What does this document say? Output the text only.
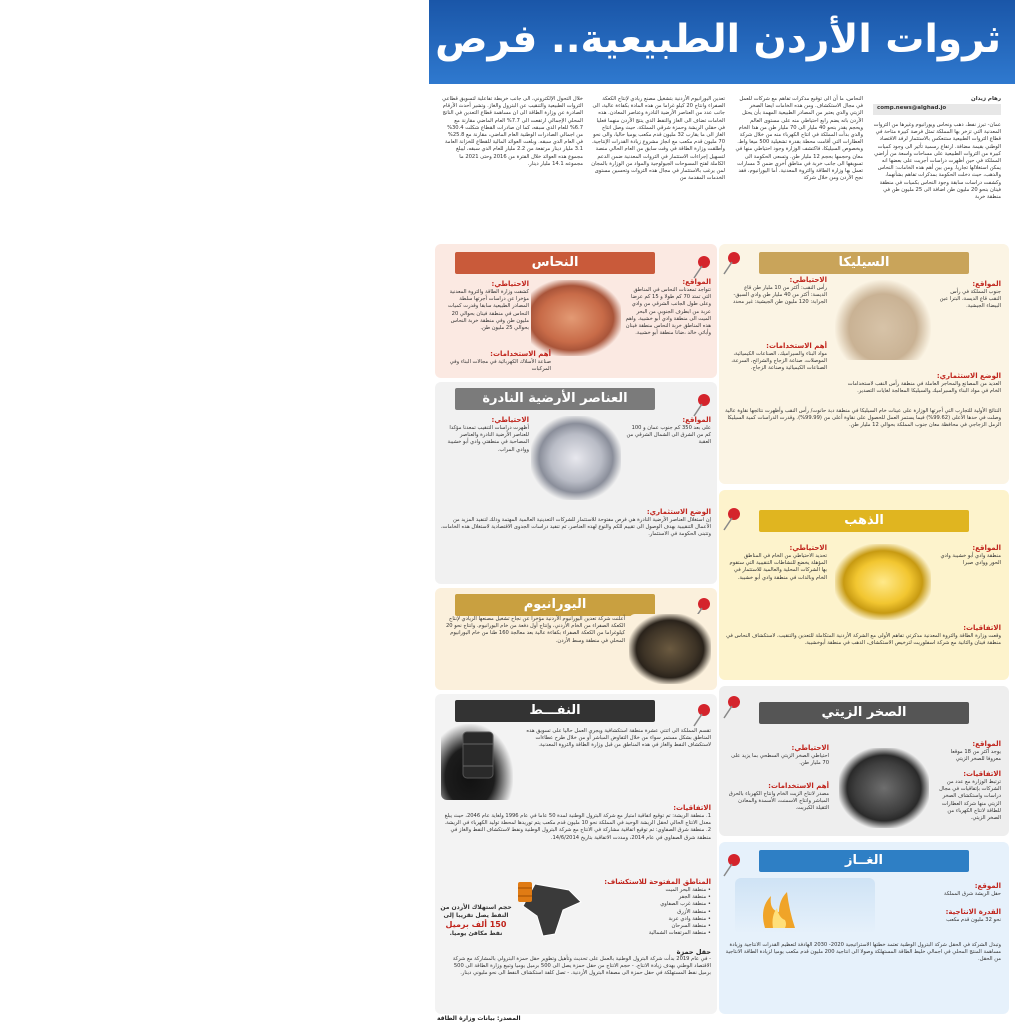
ثروات الأردن الطبيعية.. فرص واعدة تنتظر الاستثمار
رهام زيدان
comp.news@alghad.jo
عمان- تبرز نفط، ذهب ونحاس ويورانيوم وغيرها من الثروات المعدنية التي تزخر بها المملكة تمثل فرصة كبيرة متاحة في قطاع الثروات الطبيعية ستنعكس بالاستثمار لرفد الاقتصاد الوطني بقيمة مضافة. ارتفاع رسمية تأثير الى وجود كميات كبيرة من الثروات الطبيعية على مساحات واسعة من أراضي المملكة في حين أظهرت دراسات أجريت على بعضها انه يمكن استغلالها تجاريا. ومن بين أهم هذه الخامات: النحاس والذهب، حيث دخلت الحكومة بمذكرات تفاهم بشأنهما، وكشفت دراسات سابقة وجود النحاس بكميات في منطقة فينان بنحو 20 مليون طن اضافة الى 25 مليون طن في منطقة خربة
النحاس، ما أن الى توقيع مذكرات تفاهم مع شركات للعمل في مجال الاستكشاف. ومن هذه الخامات ايضا الصخر الزيتي والذي يعتبر من المصادر الطبيعية المهمة بأن يحتل الأردن بانه يضم رابع احتياطي منه على مستوى العالم ويحجم يقدر بنحو 40 مليار الى 70 مليار طن من هذا الخام والذي بدأت المملكة في انتاج الكهرباء منه من خلال شركة العطارات التي أقامت محطة بقدرة تشغيلية 500 ميغا واط. وبخصوص السيليكا، فاكتشف الوزارة وجود احتياطي منها في معان وحجمها بحجم 12 مليار طن. وتسعى الحكومة الى تسويقها الى جانب خربة في مناطق أخرى ضمن 3 مسارات تعمل بها وزارة الطاقة والثروة المعدنية. أما اليورانيوم، فقد نجح الأردن ومن خلال شركة
تعدين اليورانيوم الأردنية بتشغيل مصنع ريادي لإنتاج الكعكة الصفراء وانتاج 20 كيلو غراما من هذه المادة بكفاءة عالية، الى جانب عدد من العناصر الأرضية النادرة وعناصر المعادن. هذه الخامات تضاف الى الغاز والنفط الذي ينتج الأردن منهما فعليا في حقلي الريشة وحمزة شرقي المملكة، حيث وصل انتاج الغاز الى ما يقارب 32 مليون قدم مكعب يوميا حاليا، والى نحو 70 مليون قدم مكعب مع انجاز مشروع زيادة القدرات الإنتاجية. وأطلقت وزارة الطاقة في وقت سابق من العام الحالي منصة لتسهيل إجراءات الاستثمار في الثروات المعدنية ضمن الدعم الكاملة لفتح المسوحات الجيولوجية والمواد من الوزارة بالمجان لمن يرغب بالاستثمار في مجال هذه الثروات وتحسين مستوى الخدمات المقدمة من
خلال التحول الإلكتروني، الى جانب خريطة تفاعلية لتسويق قطاعي الثروات الطبيعية والتنقيب عن البترول والغاز. وتشير أحدث الأرقام الصادرة عن وزارة الطاقة الى ان مساهمة قطاع التعدين في الناتج المحلي الإجمالي ارتفعت الى 7.7% العام الماضي مقارنة مع 6.7% للعام الذي سبقه، كما ان صادرات القطاع شكلت 30.4% من اجمالي الصادرات الوطنية العام الماضي، مقارنة مع 25.8% في العام الذي سبقه. وبلغت العوائد المالية للقطاع للخزانة العامة 3.1 مليار دينار مرتفعة من 2.2 مليار للعام الذي سبقه، ليبلغ مجموع هذه العوائد خلال الفترة من 2016 وحتى 2021 ما مجموعه 14.1 مليار دينار.
السيليكا
المواقع:
جنوب المملكة في رأس النقب قاع الديسة، البترا عين البيضاء الجيشية.
الاحتياطي:
رأس النقب: أكثر من 10 مليار طن قاع الديسة: أكثر من 40 مليار طن وادي السيق-الجرابة: 120 مليون طن الجيشية: غير محدد
أهم الاستخدامات:
مواد البناء والسيراميك، الصناعات الكيميائية، الموصلات، صناعة الزجاج والشرائح، السرعة، الصناعات الكيميائية وصناعة الزجاج.
الوضع الاستثماري:
العديد من المصانع والمحاجر العاملة في منطقة رأس النقب لاستخدامات الخام في مواد البناء والسيراميك والسيليكا المعالجة لغايات التصدير.
النتائج الأولية للتجارب التي أجرتها الوزارة على عينات خام السيليكا في منطقة دبة حانوت/ رأس النقب وأظهرت نتائجها نقاوة عالية وصلت في حدها الأعلى (99.62%) فيما يستمر العمل للحصول على نقاوة أعلى من (99.99%). وقدرت الدراسات كمية السيليكا الرمل الزجاجي في محافظة معان جنوب المملكة بحوالي 12 مليار طن.
النحاس
المواقع:
تتواجد تمعدنات النحاس في المناطق التي تمتد 70 كم طولا و 15 كم عرضا وعلى طول الجانب الشرقي من وادي عربة من ابطرف الجنوبي من البحر الميت الى منطقة وادي أبو خشيبة. واهم هذه المناطق خربة النحاس منطقة فينان وأباثي خالد ،ضانا منطقة أبو خشيبة.
الاحتياطي:
كشفت وزارة الطاقة والثروة المعدنية مؤخرا عن دراسات أجرتها سلطة المصادر الطبيعية سابقا وقدرت كميات النحاس في منطقة فينان بحوالي 20 مليون طن وفي منطقة خربة النحاس بحوالي 25 مليون طن.
أهم الاستخدامات:
صناعة الأسلاك الكهربائية في مجالات البناء وفي المركبات
العناصر الأرضية النادرة
المواقع:
على بعد 350 كم جنوب عمان و 100 كم من الشرق الى الشمال الشرقي من العقبة
الاحتياطي:
أظهرت دراسات التنقيب تمعدنا مؤكدا للعناصر الأرضية النادرة والعناصر المصاحبة في منطقتي وادي أبو خشيبة ووادي المراب.
الوضع الاستثماري:
إن استغلال العناصر الأرضية النادرة هي فرص مفتوحة للاستثمار للشركات التعدينية العالمية المهتمة وذلك لتنفيذ المزيد من الأعمال التنقيبية بهدف الوصول الى تقييم للكم والنوع لهذه العناصر، ثم تنفيذ دراسات الجدوى الاقتصادية لاستغلال هذه الخامات، وتتبنى الحكومة في الاستثمار.
الذهب
المواقع:
منطقة وادي أبو خشيبة وادي الحور ووادي صبرا
الاحتياطي:
تحديد الاحتياطي من الخام في المناطق المؤهلة يخضع للنشاطات التنقيبية التي ستقوم بها الشركات المحلية والعالمية للاستثمار في الخام وبالذات في منطقة وادي أبو خشيبة.
الاتفاقيات:
وقعت وزارة الطاقة والثروة المعدنية مذكرتي تفاهم الأولى مع الشركة الأردنية المتكاملة للتعدين والتنقيب، لاستكشاف النحاس في منطقة فينان والثانية مع شركة اسفلوريت لترخيص الاستكشاف، الذهب في منطقة أبوخشيبة.
اليورانيوم
أعلنت شركة تعدين اليورانيوم الأردنية مؤخرا عن نجاح تشغيل مصنعها الريادي لإنتاج الكعكة الصفراء من الخام الأردني، وإنتاج أول دفعة من خام اليورانيوم. وانتاج نحو 20 كيلوغراما من الكعكة الصفراء بكفاءة عالية بعد معالجة 160 طنا من خام اليورانيوم المحلي في منطقة وسط الأردن.
الصخر الزيتي
المواقع:
يوجد أكثر من 18 موقعا معروفا للصخر الزيتي
الاتفاقيات:
ترتبط الوزارة مع عدد من الشركات بإتفاقيات في مجال دراسات واستكشاف الصخر الزيتي منها شركة العطارات للطاقة لانتاج الكهرباء من الصخر الزيتي.
الاحتياطي:
احتياطي الصخر الزيتي السطحي بما يزيد على 70 مليار طن.
أهم الاستخدامات:
مصدر لانتاج الزيت الخام وانتاج الكهرباء بالحرق المباشر وانتاج الاسمنت، الأسمدة والمعادن الثقيلة الكبريت.
النفـــط
تقسم المملكة الى اثنتي عشرة منطقة استكشافية ويجري العمل حاليا على تسويق هذه المناطق بشكل مستمر سواء من خلال التفاوض المباشر أو من خلال طرح عطاءات لاستكشاف النفط والغاز في هذه المناطق من قبل وزارة الطاقة والثروة المعدنية.
الاتفاقيات:
1. منطقة الريشة: تم توقيع اتفاقية امتياز مع شركة البترول الوطنية لمدة 50 عاما في عام 1996 ولغاية عام 2046، حيث يبلغ معدل الانتاج الحالي لحقل الريشة الوحيد في المملكة نحو 10 مليون قدم مكعب يتم توريدها لمحطة توليد الكهرباء في الريشة. 2. منطقة شرق الصفاوي: تم توقيع اتفاقية مشاركة في الانتاج مع شركة البترول الوطنية ونفط لاستكشاف النفط والغاز في منطقة شرق الصفاوي في عام 2014، ومددت الاتفاقية بتاريخ 14/6/2014.
المناطق المفتوحة للاستكشاف:
• منطقة البحر الميت
• منطقة الجفر
• منطقة غرب الصفاوي
• منطقة الأزرق
• منطقة وادي عربة
• منطقة السرحان
• منطقة المرتفعات الشمالية
حجم استهلاك الأردن من النفط يصل تقريبا إلى
150 ألف برميل
نفط مكافئ يوميا.
حقل حمزة
- في عام 2019 بدأت شركة البترول الوطنية بالعمل على تحديث وتأهيل وتطوير حقل حمزة البترولي بالمشاركة مع شركة الاقتصاد الوطني بهدف زيادة الانتاج. - حجم الانتاج من حقل حمزة يصل الى 500 برميل يوميا وتبيع وزارة الطاقة الى 500 برميل نفط المستهلكة في حقل حمزة الى مصفاة البترول الأردنية. - تصل كلفة استكشاف النفط الى نحو مليوني دينار.
الغــاز
الموقع:
حقل الريشة شرق المملكة
القدرة الانتاجية:
نحو 32 مليون قدم مكعب
وتبذل الشركة في الحقل شركة البترول الوطنية تعتمد خطتها الاستراتيجية 2020- 2030 الهادفة لتعظيم القدرات الانتاجية وزيادة مساهمة المنتج المحلي في اجمالي خليط الطاقة المستهلكة وصولا الى انتاجية 200 مليون قدم مكعب يوميا لزيادة الطاقة الانتاجية من الحقل.
المصدر: بيانات وزارة الطاقة
